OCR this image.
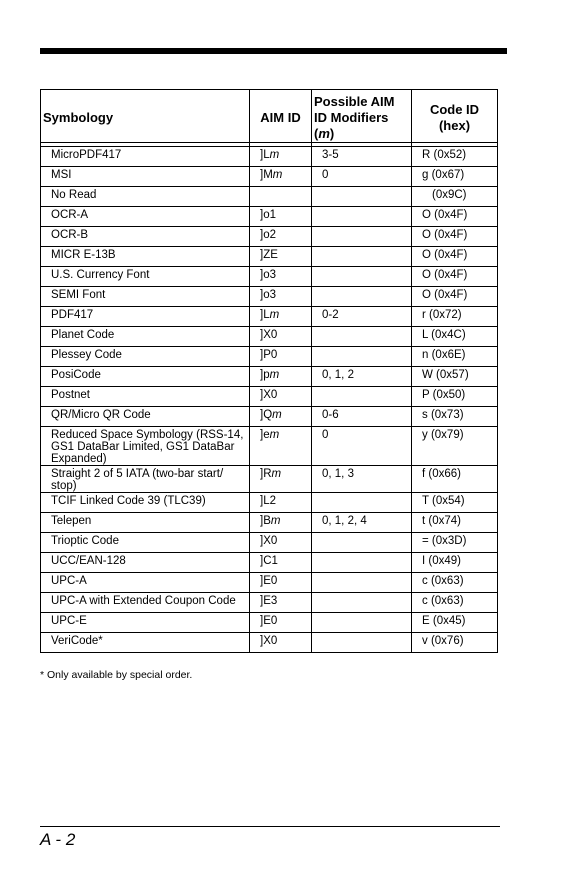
Symbology	AIM ID	Possible AIM ID Modifiers (m)	Code ID (hex)

MicroPDF417	]Lm	3-5	R (0x52)
MSI	]Mm	0	g (0x67)
No Read			(0x9C)
OCR-A	]o1		O (0x4F)
OCR-B	]o2		O (0x4F)
MICR E-13B	]ZE		O (0x4F)
U.S. Currency Font	]o3		O (0x4F)
SEMI Font	]o3		O (0x4F)
PDF417	]Lm	0-2	r (0x72)
Planet Code	]X0		L (0x4C)
Plessey Code	]P0		n (0x6E)
PosiCode	]pm	0, 1, 2	W (0x57)
Postnet	]X0		P (0x50)
QR/Micro QR Code	]Qm	0-6	s (0x73)
Reduced Space Symbology (RSS-14, GS1 DataBar Limited, GS1 DataBar Expanded)	]em	0	y (0x79)
Straight 2 of 5 IATA (two-bar start/ stop)	]Rm	0, 1, 3	f (0x66)
TCIF Linked Code 39 (TLC39)	]L2		T (0x54)
Telepen	]Bm	0, 1, 2, 4	t (0x74)
Trioptic Code	]X0		= (0x3D)
UCC/EAN-128	]C1		I (0x49)
UPC-A	]E0		c (0x63)
UPC-A with Extended Coupon Code	]E3		c (0x63)
UPC-E	]E0		E (0x45)
VeriCode*	]X0		v (0x76)
* Only available by special order.
A - 2
